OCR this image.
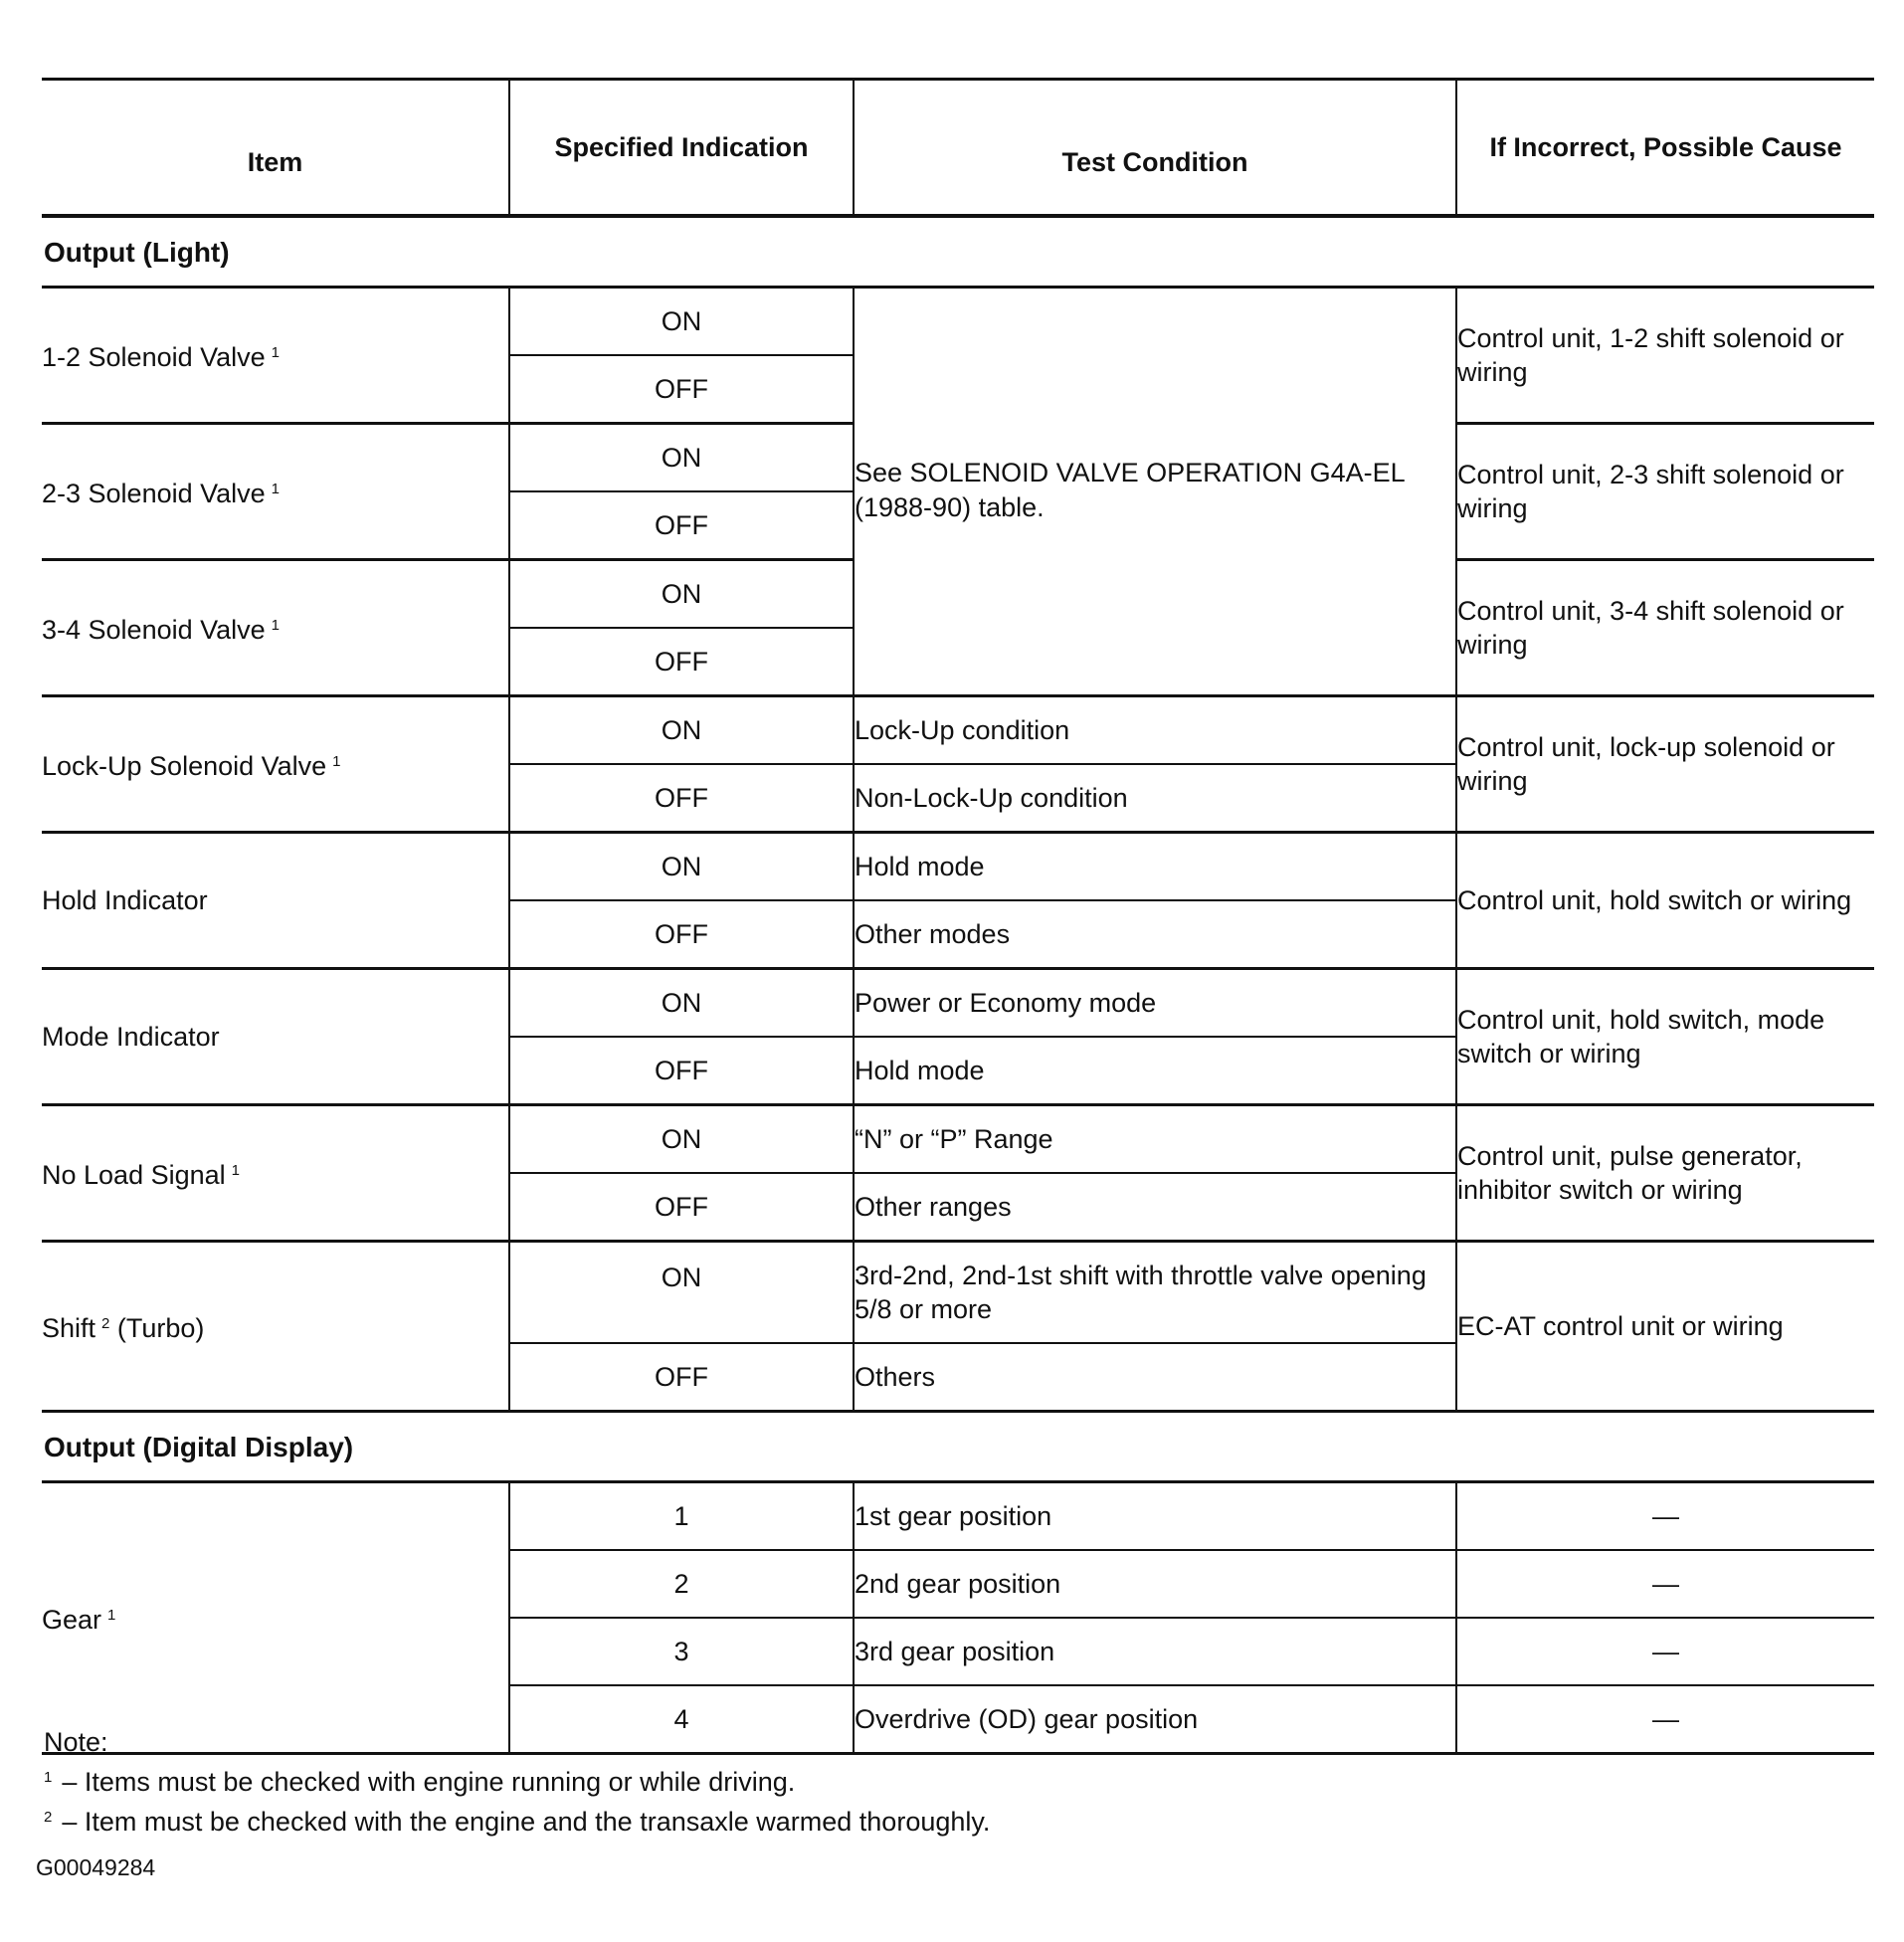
Item	Specified Indication	Test Condition	If Incorrect, Possible Cause
Output (Light)			
1-2 Solenoid Valve $^1$	ON	See SOLENOID VALVE OPERATION G4A-EL (1988-90) table.	Control unit, 1-2 shift solenoid or wiring
	OFF		
2-3 Solenoid Valve $^1$	ON		Control unit, 2-3 shift solenoid or wiring
	OFF		
3-4 Solenoid Valve $^1$	ON		Control unit, 3-4 shift solenoid or wiring
	OFF		
Lock-Up Solenoid Valve $^1$	ON	Lock-Up condition	Control unit, lock-up solenoid or wiring
	OFF	Non-Lock-Up condition	
Hold Indicator	ON	Hold mode	Control unit, hold switch or wiring
	OFF	Other modes	
Mode Indicator	ON	Power or Economy mode	Control unit, hold switch, mode switch or wiring
	OFF	Hold mode	
No Load Signal $^1$	ON	“N” or “P” Range	Control unit, pulse generator, inhibitor switch or wiring
	OFF	Other ranges	
Shift $^2$ (Turbo)	ON	3rd-2nd, 2nd-1st shift with throttle valve opening 5/8 or more	EC-AT control unit or wiring
	OFF	Others	
Output (Digital Display)			
Gear $^1$	1	1st gear position	—
	2	2nd gear position	—
	3	3rd gear position	—
	4	Overdrive (OD) gear position	—
Note:
$^1$ – Items must be checked with engine running or while driving.
$^2$ – Item must be checked with the engine and the transaxle warmed thoroughly.
G00049284
